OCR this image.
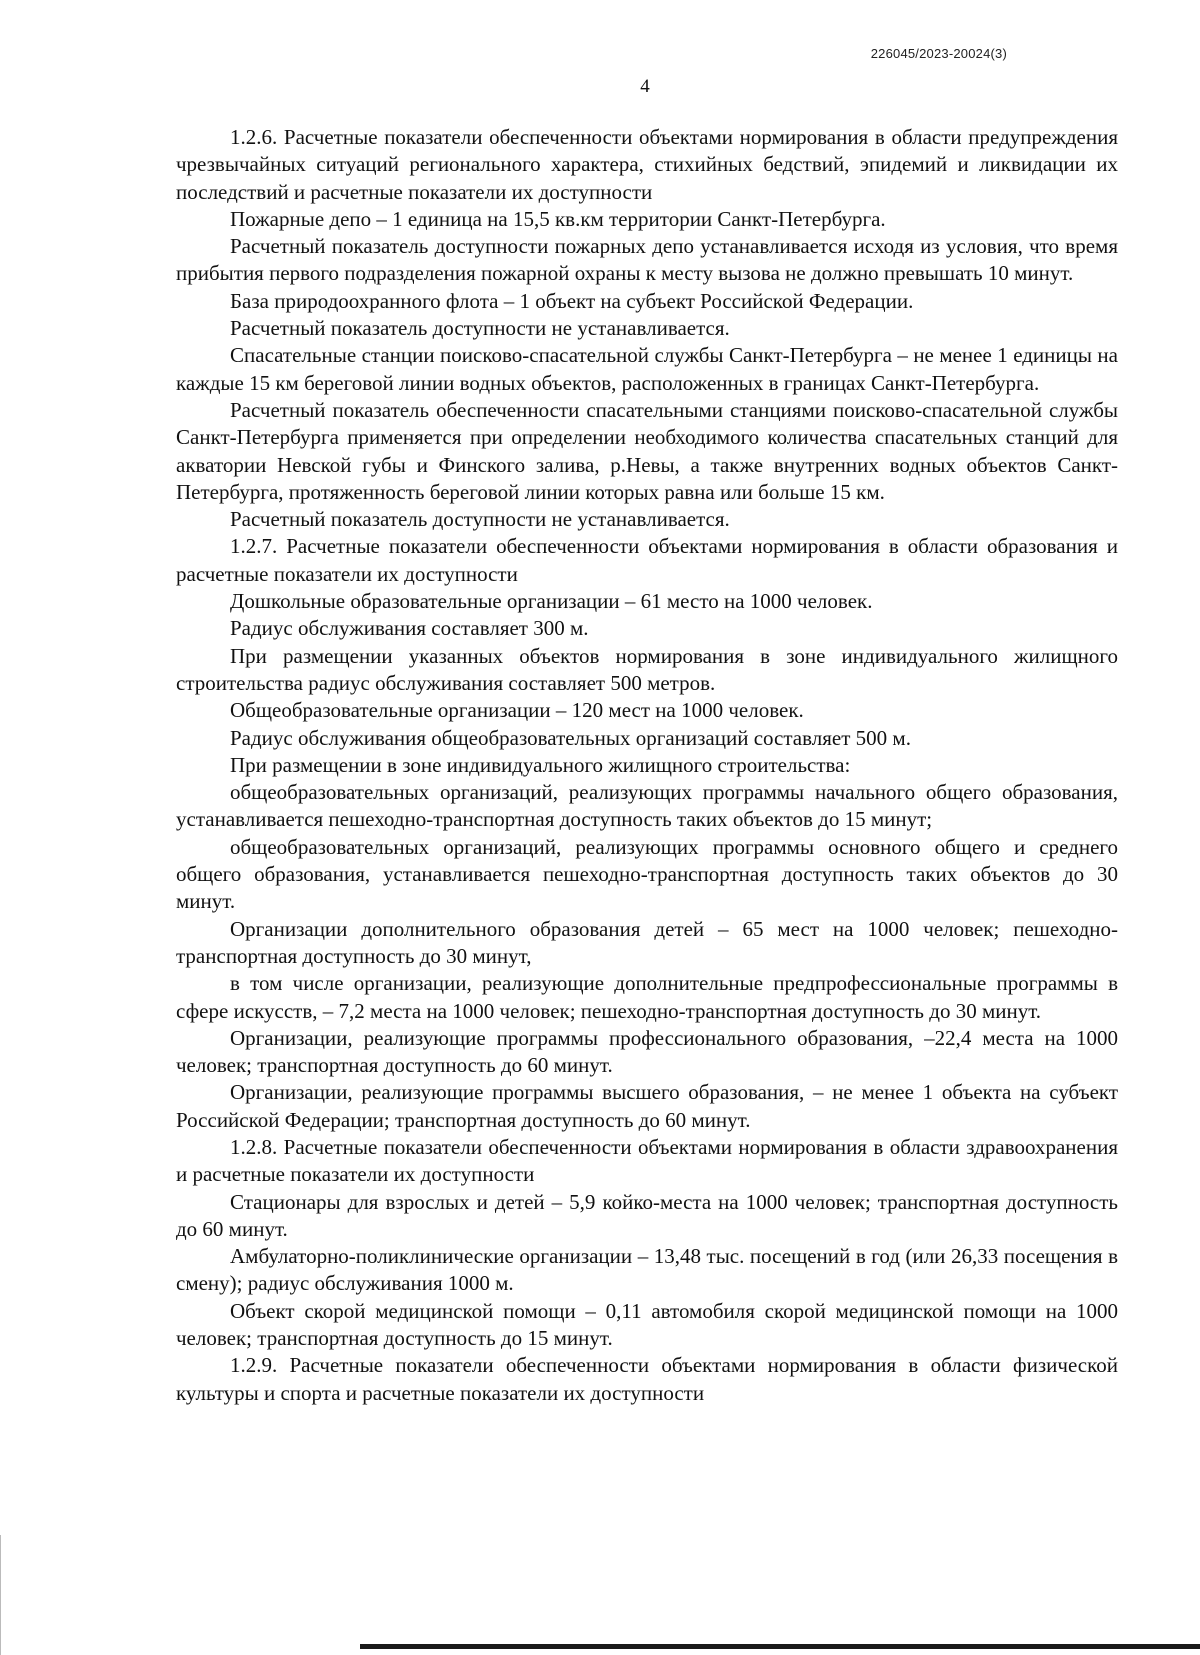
226045/2023-20024(3)
4

1.2.6. Расчетные показатели обеспеченности объектами нормирования в области предупреждения чрезвычайных ситуаций регионального характера, стихийных бедствий, эпидемий и ликвидации их последствий и расчетные показатели их доступности

Пожарные депо – 1 единица на 15,5 кв.км территории Санкт-Петербурга.

Расчетный показатель доступности пожарных депо устанавливается исходя из условия, что время прибытия первого подразделения пожарной охраны к месту вызова не должно превышать 10 минут.

База природоохранного флота – 1 объект на субъект Российской Федерации.

Расчетный показатель доступности не устанавливается.

Спасательные станции поисково-спасательной службы Санкт-Петербурга – не менее 1 единицы на каждые 15 км береговой линии водных объектов, расположенных в границах Санкт-Петербурга.

Расчетный показатель обеспеченности спасательными станциями поисково-спасательной службы Санкт-Петербурга применяется при определении необходимого количества спасательных станций для акватории Невской губы и Финского залива, р.Невы, а также внутренних водных объектов Санкт-Петербурга, протяженность береговой линии которых равна или больше 15 км.

Расчетный показатель доступности не устанавливается.

1.2.7. Расчетные показатели обеспеченности объектами нормирования в области образования и расчетные показатели их доступности

Дошкольные образовательные организации – 61 место на 1000 человек.

Радиус обслуживания составляет 300 м.

При размещении указанных объектов нормирования в зоне индивидуального жилищного строительства радиус обслуживания составляет 500 метров.

Общеобразовательные организации – 120 мест на 1000 человек.

Радиус обслуживания общеобразовательных организаций составляет 500 м.

При размещении в зоне индивидуального жилищного строительства:

общеобразовательных организаций, реализующих программы начального общего образования, устанавливается пешеходно-транспортная доступность таких объектов до 15 минут;

общеобразовательных организаций, реализующих программы основного общего и среднего общего образования, устанавливается пешеходно-транспортная доступность таких объектов до 30 минут.

Организации дополнительного образования детей – 65 мест на 1000 человек; пешеходно-транспортная доступность до 30 минут,

в том числе организации, реализующие дополнительные предпрофессиональные программы в сфере искусств, – 7,2 места на 1000 человек; пешеходно-транспортная доступность до 30 минут.

Организации, реализующие программы профессионального образования, –22,4 места на 1000 человек; транспортная доступность до 60 минут.

Организации, реализующие программы высшего образования, – не менее 1 объекта на субъект Российской Федерации; транспортная доступность до 60 минут.

1.2.8. Расчетные показатели обеспеченности объектами нормирования в области здравоохранения и расчетные показатели их доступности

Стационары для взрослых и детей – 5,9 койко-места на 1000 человек; транспортная доступность до 60 минут.

Амбулаторно-поликлинические организации – 13,48 тыс. посещений в год (или 26,33 посещения в смену); радиус обслуживания 1000 м.

Объект скорой медицинской помощи – 0,11 автомобиля скорой медицинской помощи на 1000 человек; транспортная доступность до 15 минут.

1.2.9. Расчетные показатели обеспеченности объектами нормирования в области физической культуры и спорта и расчетные показатели их доступности
